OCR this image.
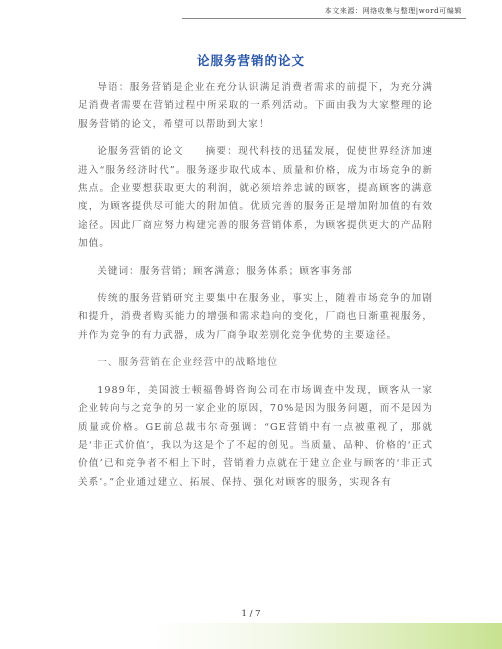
本文来源：网络收集与整理|word可编辑
论服务营销的论文

导语：服务营销是企业在充分认识满足消费者需求的前提下，为充分满足消费者需要在营销过程中所采取的一系列活动。下面由我为大家整理的论服务营销的论文，希望可以帮助到大家！

论服务营销的论文　　摘要：现代科技的迅猛发展，促使世界经济加速进入“服务经济时代”。服务逐步取代成本、质量和价格，成为市场竞争的新焦点。企业要想获取更大的利润，就必须培养忠诚的顾客，提高顾客的满意度，为顾客提供尽可能大的附加值。优质完善的服务正是增加附加值的有效途径。因此厂商应努力构建完善的服务营销体系，为顾客提供更大的产品附加值。

关键词：服务营销；顾客满意；服务体系；顾客事务部

传统的服务营销研究主要集中在服务业，事实上，随着市场竞争的加剧和提升，消费者购买能力的增强和需求趋向的变化，厂商也日渐重视服务，并作为竞争的有力武器，成为厂商争取差别化竞争优势的主要途径。

一、服务营销在企业经营中的战略地位

1989年，美国波士顿福鲁姆咨询公司在市场调查中发现，顾客从一家企业转向与之竞争的另一家企业的原因，70%是因为服务问题，而不是因为质量或价格。GE前总裁韦尔奇强调：“GE营销中有一点被重视了，那就是‘非正式价值’，我以为这是个了不起的创见。当质量、品种、价格的‘正式价值’已和竞争者不相上下时，营销着力点就在于建立企业与顾客的‘非正式关系’。”企业通过建立、拓展、保持、强化对顾客的服务，实现各有

1 / 7
